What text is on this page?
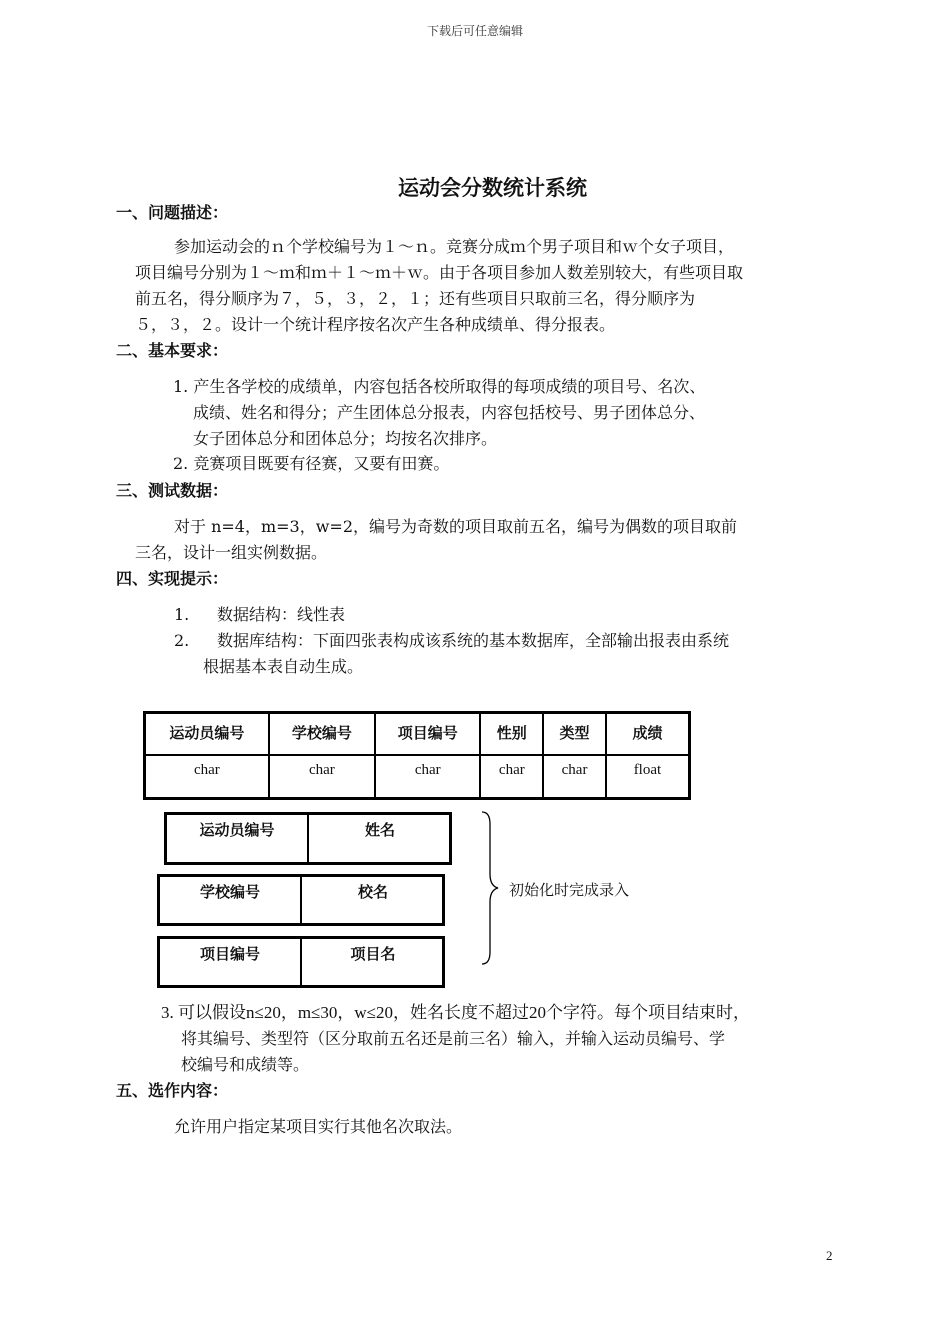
下载后可任意编辑
运动会分数统计系统
一、问题描述：
参加运动会的ｎ个学校编号为１～ｎ。竞赛分成ｍ个男子项目和ｗ个女子项目，
项目编号分别为１～ｍ和ｍ＋１～ｍ＋ｗ。由于各项目参加人数差别较大，有些项目取
前五名，得分顺序为７，５，３，２，１；还有些项目只取前三名，得分顺序为
５，３，２。设计一个统计程序按名次产生各种成绩单、得分报表。
二、基本要求：
1. 产生各学校的成绩单，内容包括各校所取得的每项成绩的项目号、名次、
成绩、姓名和得分；产生团体总分报表，内容包括校号、男子团体总分、
女子团体总分和团体总分；均按名次排序。
2. 竞赛项目既要有径赛，又要有田赛。
三、测试数据：
对于 n=4，m=3，w=2，编号为奇数的项目取前五名，编号为偶数的项目取前
三名，设计一组实例数据。
四、实现提示：
1. 数据结构：线性表
2. 数据库结构：下面四张表构成该系统的基本数据库，全部输出报表由系统
根据基本表自动生成。
运动员编号	学校编号	项目编号	性别	类型	成绩
char	char	char	char	char	float
运动员编号	姓名
学校编号	校名
项目编号	项目名
初始化时完成录入
3. 可以假设n≤20，m≤30，w≤20，姓名长度不超过20个字符。每个项目结束时，
将其编号、类型符（区分取前五名还是前三名）输入，并输入运动员编号、学
校编号和成绩等。
五、选作内容：
允许用户指定某项目实行其他名次取法。
2
